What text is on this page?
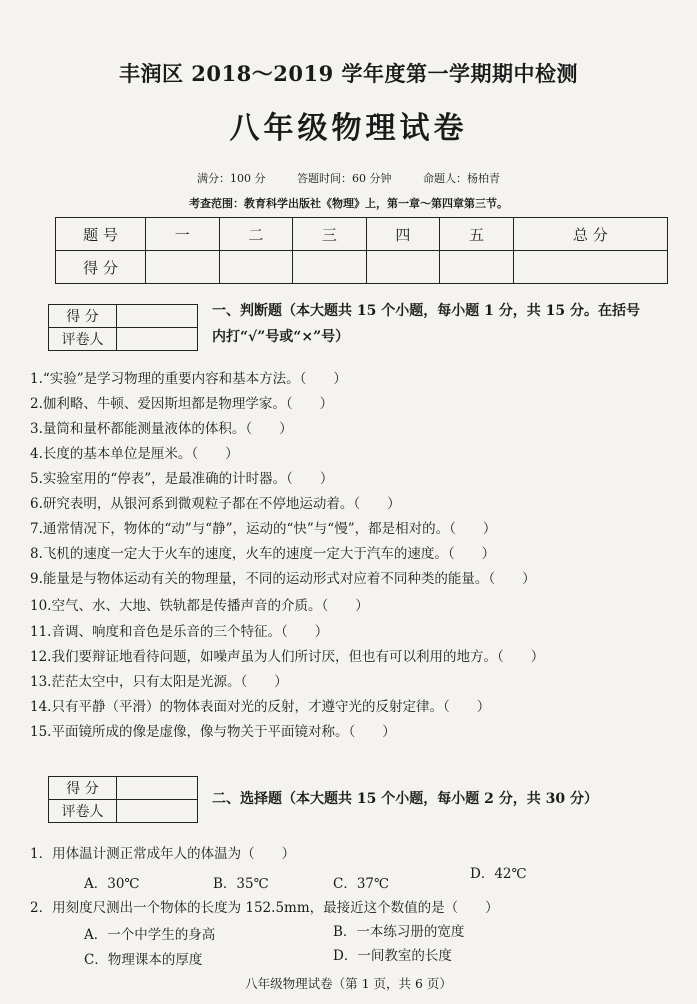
丰润区 2018～2019 学年度第一学期期中检测
八年级物理试卷
满分：100 分	答题时间：60 分钟	命题人：杨柏青
考查范围：教育科学出版社《物理》上，第一章～第四章第三节。
题 号	一	二	三	四	五	总 分
得 分						
得 分	
评卷人	
一、判断题（本大题共 15 个小题，每小题 1 分，共 15 分。在括号
内打“√”号或“×”号）
1.“实验”是学习物理的重要内容和基本方法。（　　）
2.伽利略、牛顿、爱因斯坦都是物理学家。（　　）
3.量筒和量杯都能测量液体的体积。（　　）
4.长度的基本单位是厘米。（　　）
5.实验室用的“停表”，是最准确的计时器。（　　）
6.研究表明，从银河系到微观粒子都在不停地运动着。（　　）
7.通常情况下，物体的“动”与“静”，运动的“快”与“慢”，都是相对的。（　　）
8.飞机的速度一定大于火车的速度，火车的速度一定大于汽车的速度。（　　）
9.能量是与物体运动有关的物理量，不同的运动形式对应着不同种类的能量。（　　）
10.空气、水、大地、铁轨都是传播声音的介质。（　　）
11.音调、响度和音色是乐音的三个特征。（　　）
12.我们要辩证地看待问题，如噪声虽为人们所讨厌，但也有可以利用的地方。（　　）
13.茫茫太空中，只有太阳是光源。（　　）
14.只有平静（平滑）的物体表面对光的反射，才遵守光的反射定律。（　　）
15.平面镜所成的像是虚像，像与物关于平面镜对称。（　　）
得 分	
评卷人	
二、选择题（本大题共 15 个小题，每小题 2 分，共 30 分）
1．用体温计测正常成年人的体温为（　　）
A．30℃	B．35℃	C．37℃
D．42℃
2．用刻度尺测出一个物体的长度为 152.5mm，最接近这个数值的是（　　）
A．一个中学生的身高	B．一本练习册的宽度
C．物理课本的厚度	D．一间教室的长度
八年级物理试卷（第 1 页，共 6 页）
